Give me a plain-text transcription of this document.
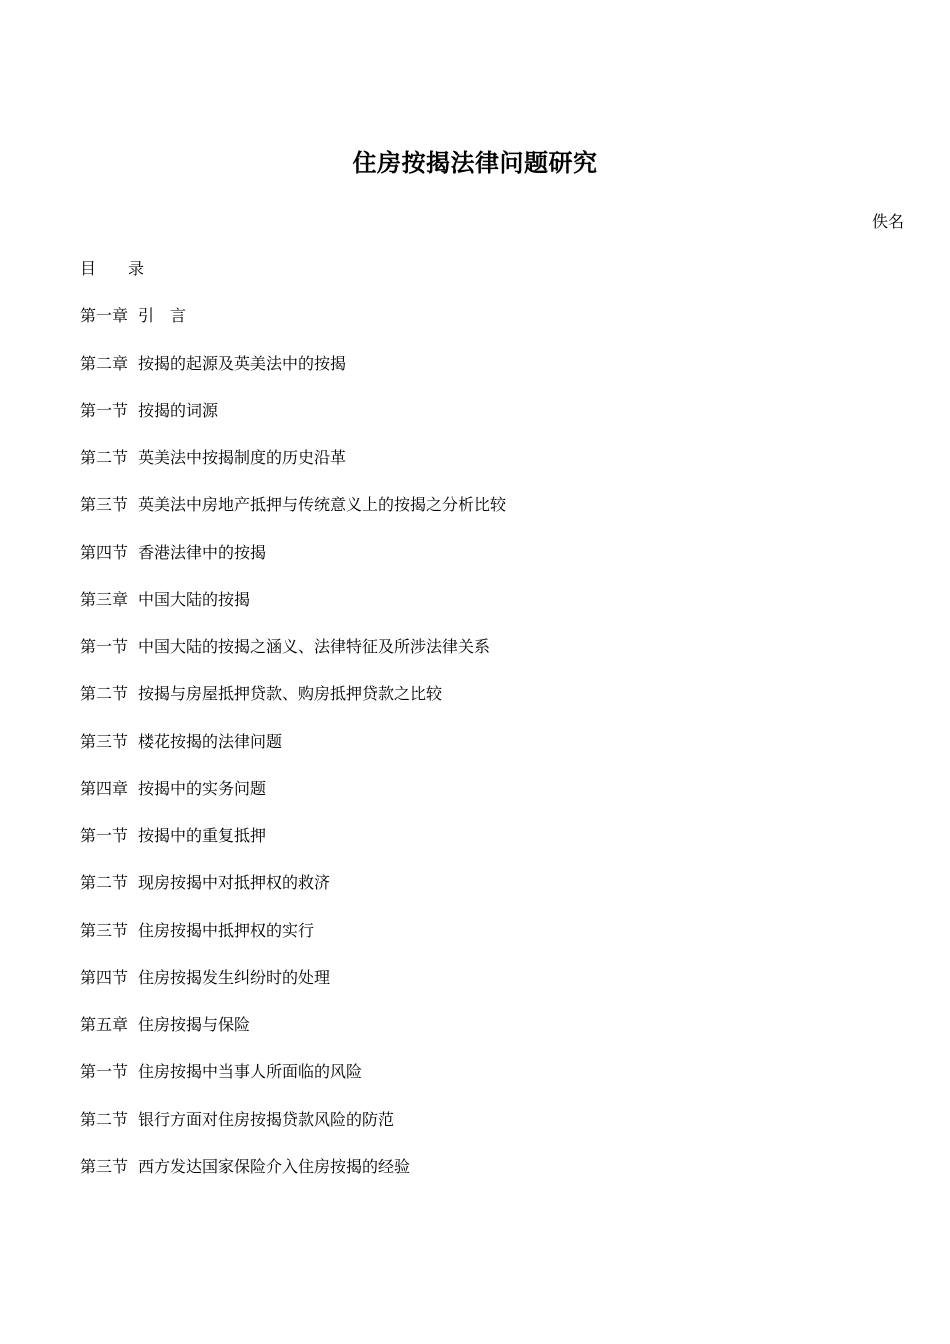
住房按揭法律问题研究
佚名
目　　录
第一章 引　言
第二章 按揭的起源及英美法中的按揭
第一节 按揭的词源
第二节 英美法中按揭制度的历史沿革
第三节 英美法中房地产抵押与传统意义上的按揭之分析比较
第四节 香港法律中的按揭
第三章 中国大陆的按揭
第一节 中国大陆的按揭之涵义、法律特征及所涉法律关系
第二节 按揭与房屋抵押贷款、购房抵押贷款之比较
第三节 楼花按揭的法律问题
第四章 按揭中的实务问题
第一节 按揭中的重复抵押
第二节 现房按揭中对抵押权的救济
第三节 住房按揭中抵押权的实行
第四节 住房按揭发生纠纷时的处理
第五章 住房按揭与保险
第一节 住房按揭中当事人所面临的风险
第二节 银行方面对住房按揭贷款风险的防范
第三节 西方发达国家保险介入住房按揭的经验
